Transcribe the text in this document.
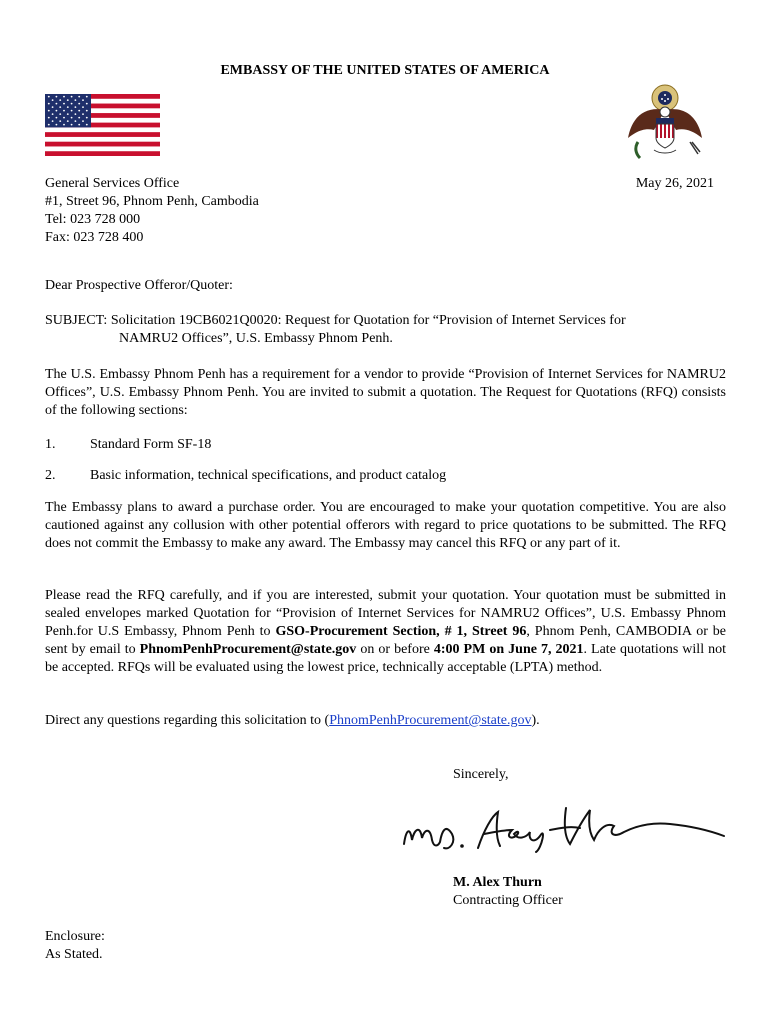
EMBASSY OF THE UNITED STATES OF AMERICA
General Services Office
#1, Street 96, Phnom Penh, Cambodia
Tel: 023 728 000
Fax: 023 728 400
May 26, 2021
Dear Prospective Offeror/Quoter:
SUBJECT: Solicitation 19CB6021Q0020: Request for Quotation for “Provision of Internet Services for
NAMRU2 Offices”, U.S. Embassy Phnom Penh.
The U.S. Embassy Phnom Penh has a requirement for a vendor to provide “Provision of Internet Services for NAMRU2 Offices”, U.S. Embassy Phnom Penh. You are invited to submit a quotation. The Request for Quotations (RFQ) consists of the following sections:
1. Standard Form SF-18
2. Basic information, technical specifications, and product catalog
The Embassy plans to award a purchase order. You are encouraged to make your quotation competitive. You are also cautioned against any collusion with other potential offerors with regard to price quotations to be submitted. The RFQ does not commit the Embassy to make any award. The Embassy may cancel this RFQ or any part of it.
Please read the RFQ carefully, and if you are interested, submit your quotation. Your quotation must be submitted in sealed envelopes marked Quotation for “Provision of Internet Services for NAMRU2 Offices”, U.S. Embassy Phnom Penh.for U.S Embassy, Phnom Penh to GSO-Procurement Section, # 1, Street 96, Phnom Penh, CAMBODIA or be sent by email to PhnomPenhProcurement@state.gov on or before 4:00 PM on June 7, 2021. Late quotations will not be accepted. RFQs will be evaluated using the lowest price, technically acceptable (LPTA) method.
Direct any questions regarding this solicitation to (PhnomPenhProcurement@state.gov).
Sincerely,
M. Alex Thurn
Contracting Officer
Enclosure:
As Stated.
